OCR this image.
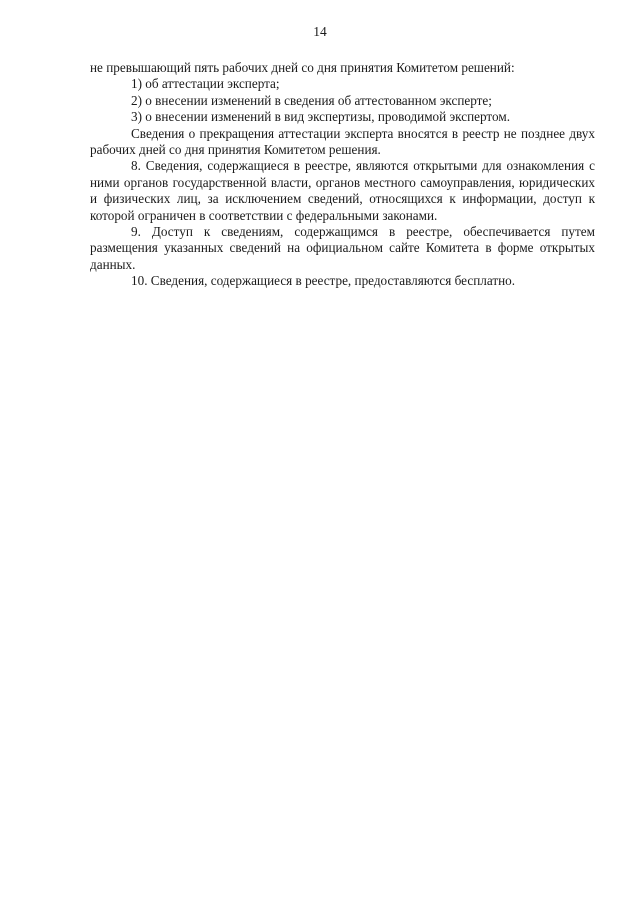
14

не превышающий пять рабочих дней со дня принятия Комитетом решений:

1) об аттестации эксперта;

2) о внесении изменений в сведения об аттестованном эксперте;

3) о внесении изменений в вид экспертизы, проводимой экспертом.

Сведения о прекращения аттестации эксперта вносятся в реестр не позднее двух рабочих дней со дня принятия Комитетом решения.

8. Сведения, содержащиеся в реестре, являются открытыми для ознакомления с ними органов государственной власти, органов местного самоуправления, юридических и физических лиц, за исключением сведений, относящихся к информации, доступ к которой ограничен в соответствии с федеральными законами.

9. Доступ к сведениям, содержащимся в реестре, обеспечивается путем размещения указанных сведений на официальном сайте Комитета в форме открытых данных.

10. Сведения, содержащиеся в реестре, предоставляются бесплатно.
